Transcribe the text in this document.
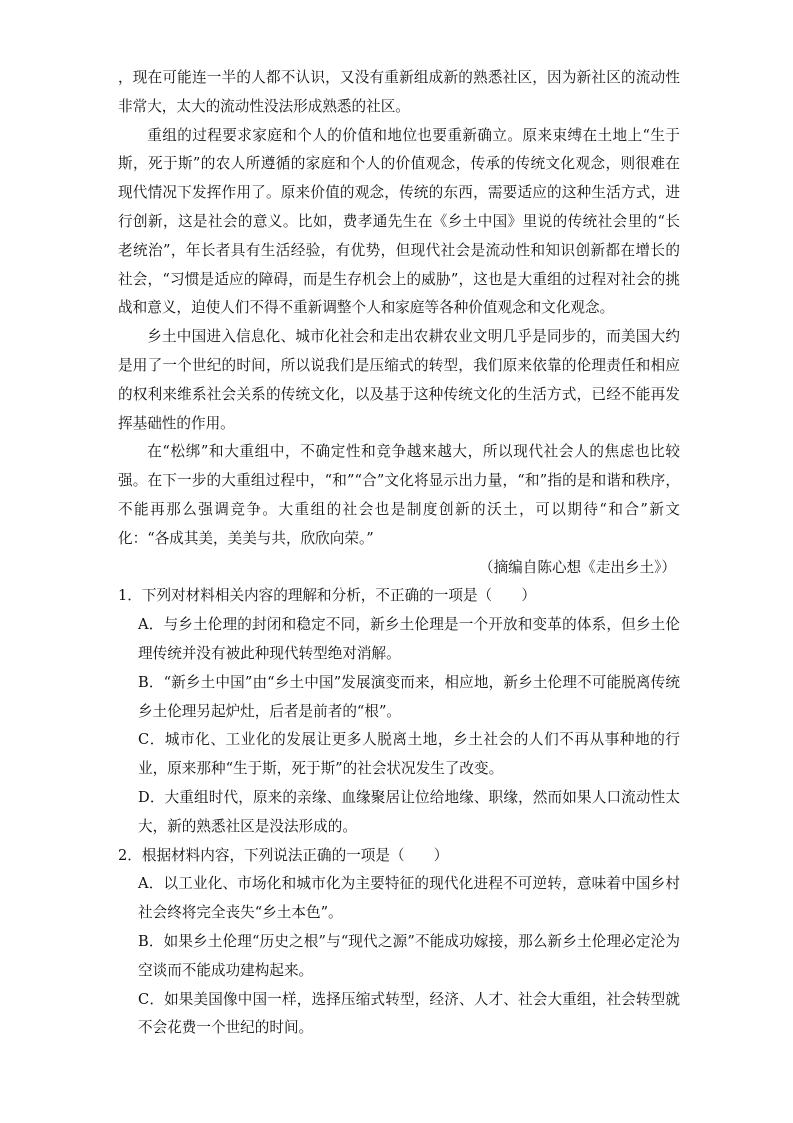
，现在可能连一半的人都不认识，又没有重新组成新的熟悉社区，因为新社区的流动性非常大，太大的流动性没法形成熟悉的社区。

重组的过程要求家庭和个人的价值和地位也要重新确立。原来束缚在土地上“生于斯，死于斯”的农人所遵循的家庭和个人的价值观念，传承的传统文化观念，则很难在现代情况下发挥作用了。原来价值的观念，传统的东西，需要适应的这种生活方式，进行创新，这是社会的意义。比如，费孝通先生在《乡土中国》里说的传统社会里的“长老统治”，年长者具有生活经验，有优势，但现代社会是流动性和知识创新都在增长的社会，“习惯是适应的障碍，而是生存机会上的威胁”，这也是大重组的过程对社会的挑战和意义，迫使人们不得不重新调整个人和家庭等各种价值观念和文化观念。

乡土中国进入信息化、城市化社会和走出农耕农业文明几乎是同步的，而美国大约是用了一个世纪的时间，所以说我们是压缩式的转型，我们原来依靠的伦理责任和相应的权利来维系社会关系的传统文化，以及基于这种传统文化的生活方式，已经不能再发挥基础性的作用。

在“松绑”和大重组中，不确定性和竞争越来越大，所以现代社会人的焦虑也比较强。在下一步的大重组过程中，“和”“合”文化将显示出力量，“和”指的是和谐和秩序，不能再那么强调竞争。大重组的社会也是制度创新的沃土，可以期待“和合”新文化：“各成其美，美美与共，欣欣向荣。”

（摘编自陈心想《走出乡土》）

1．下列对材料相关内容的理解和分析，不正确的一项是（　　）

A．与乡土伦理的封闭和稳定不同，新乡土伦理是一个开放和变革的体系，但乡土伦理传统并没有被此种现代转型绝对消解。

B．“新乡土中国”由“乡土中国”发展演变而来，相应地，新乡土伦理不可能脱离传统乡土伦理另起炉灶，后者是前者的“根”。

C．城市化、工业化的发展让更多人脱离土地，乡土社会的人们不再从事种地的行业，原来那种“生于斯，死于斯”的社会状况发生了改变。

D．大重组时代，原来的亲缘、血缘聚居让位给地缘、职缘，然而如果人口流动性太大，新的熟悉社区是没法形成的。

2．根据材料内容，下列说法正确的一项是（　　）

A．以工业化、市场化和城市化为主要特征的现代化进程不可逆转，意味着中国乡村社会终将完全丧失“乡土本色”。

B．如果乡土伦理“历史之根”与“现代之源”不能成功嫁接，那么新乡土伦理必定沦为空谈而不能成功建构起来。

C．如果美国像中国一样，选择压缩式转型，经济、人才、社会大重组，社会转型就不会花费一个世纪的时间。
